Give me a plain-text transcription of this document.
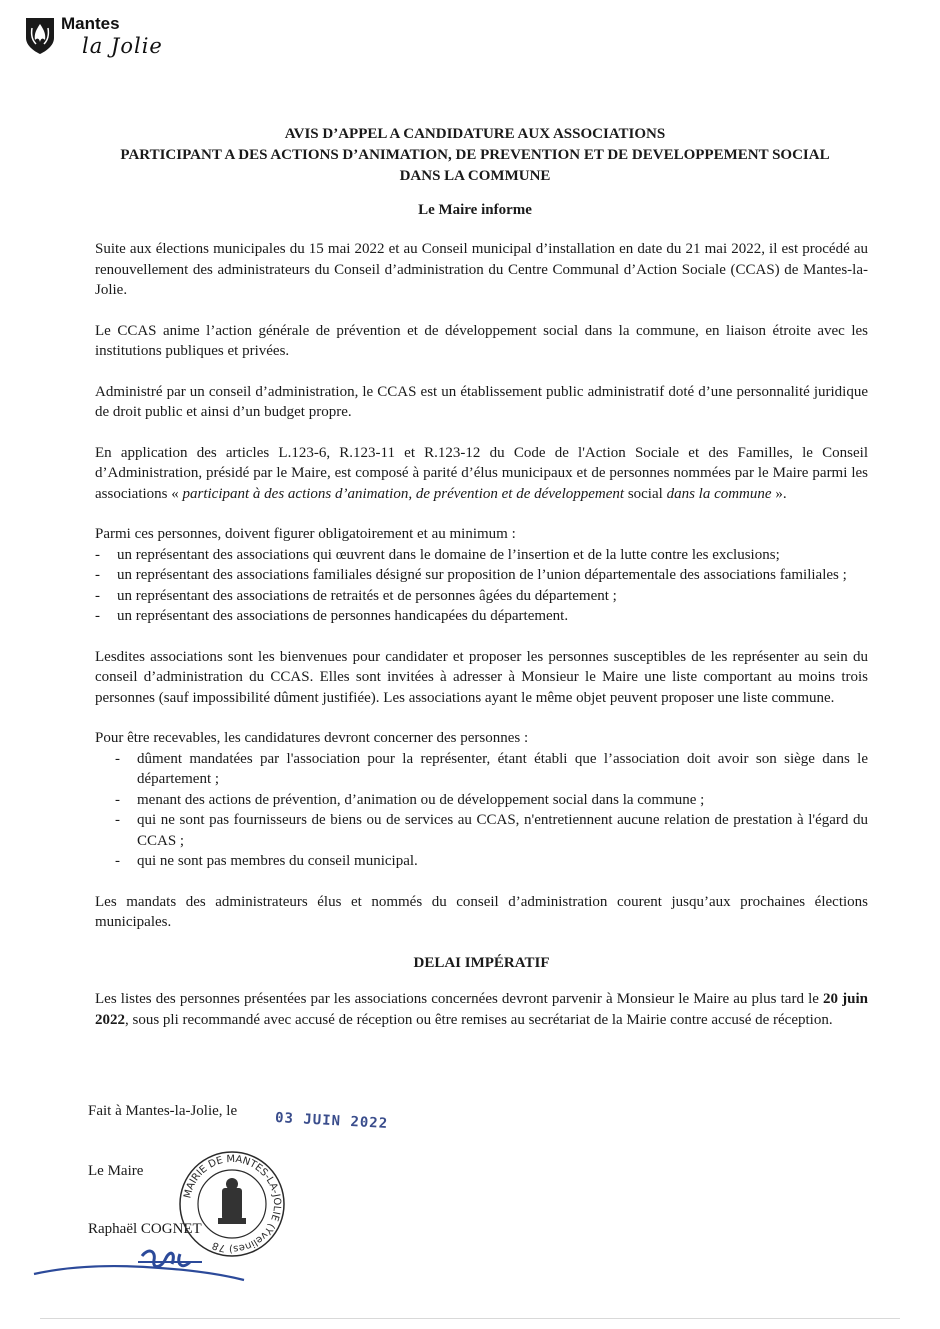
Mantes
la Jolie
AVIS D’APPEL A CANDIDATURE AUX ASSOCIATIONS
PARTICIPANT A DES ACTIONS D’ANIMATION, DE PREVENTION ET DE DEVELOPPEMENT SOCIAL
DANS LA COMMUNE
Le Maire informe

Suite aux élections municipales du 15 mai 2022 et au Conseil municipal d’installation en date du 21 mai 2022, il est procédé au renouvellement des administrateurs du Conseil d’administration du Centre Communal d’Action Sociale (CCAS) de Mantes-la-Jolie.

Le CCAS anime l’action générale de prévention et de développement social dans la commune, en liaison étroite avec les institutions publiques et privées.

Administré par un conseil d’administration, le CCAS est un établissement public administratif doté d’une personnalité juridique de droit public et ainsi d’un budget propre.

En application des articles L.123-6, R.123-11 et R.123-12 du Code de l'Action Sociale et des Familles, le Conseil d’Administration, présidé par le Maire, est composé à parité d’élus municipaux et de personnes nommées par le Maire parmi les associations « participant à des actions d’animation, de prévention et de développement social dans la commune ».

Parmi ces personnes, doivent figurer obligatoirement et au minimum :
- un représentant des associations qui œuvrent dans le domaine de l’insertion et de la lutte contre les exclusions;
- un représentant des associations familiales désigné sur proposition de l’union départementale des associations familiales ;
- un représentant des associations de retraités et de personnes âgées du département ;
- un représentant des associations de personnes handicapées du département.

Lesdites associations sont les bienvenues pour candidater et proposer les personnes susceptibles de les représenter au sein du conseil d’administration du CCAS. Elles sont invitées à adresser à Monsieur le Maire une liste comportant au moins trois personnes (sauf impossibilité dûment justifiée). Les associations ayant le même objet peuvent proposer une liste commune.

Pour être recevables, les candidatures devront concerner des personnes :
- dûment mandatées par l'association pour la représenter, étant établi que l’association doit avoir son siège dans le département ;
- menant des actions de prévention, d’animation ou de développement social dans la commune ;
- qui ne sont pas fournisseurs de biens ou de services au CCAS, n'entretiennent aucune relation de prestation à l'égard du CCAS ;
- qui ne sont pas membres du conseil municipal.

Les mandats des administrateurs élus et nommés du conseil d’administration courent jusqu’aux prochaines élections municipales.

DELAI IMPÉRATIF

Les listes des personnes présentées par les associations concernées devront parvenir à Monsieur le Maire au plus tard le 20 juin 2022, sous pli recommandé avec accusé de réception ou être remises au secrétariat de la Mairie contre accusé de réception.

Fait à Mantes-la-Jolie, le	03 JUIN 2022
Le Maire
Raphaël COGNET
MAIRIE DE MANTES-LA-JOLIE (Yvelines) 78
